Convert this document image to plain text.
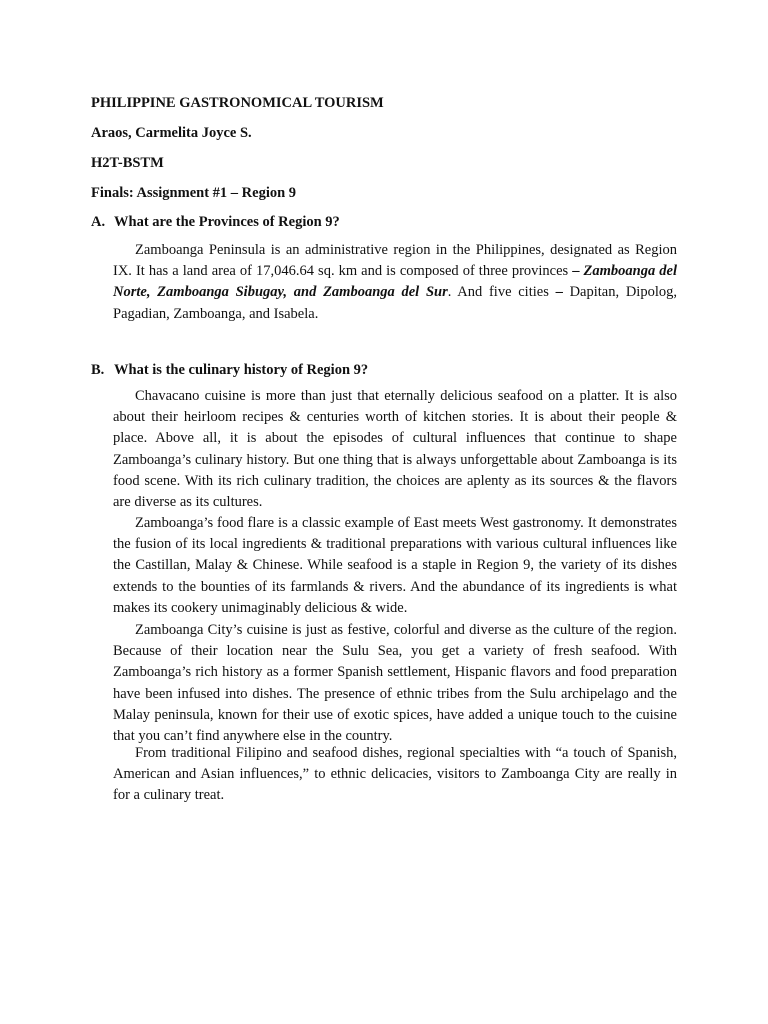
PHILIPPINE GASTRONOMICAL TOURISM
Araos, Carmelita Joyce S.
H2T-BSTM
Finals: Assignment #1 – Region 9
A. What are the Provinces of Region 9?

Zamboanga Peninsula is an administrative region in the Philippines, designated as Region IX. It has a land area of 17,046.64 sq. km and is composed of three provinces – Zamboanga del Norte, Zamboanga Sibugay, and Zamboanga del Sur. And five cities – Dapitan, Dipolog, Pagadian, Zamboanga, and Isabela.

B. What is the culinary history of Region 9?

Chavacano cuisine is more than just that eternally delicious seafood on a platter. It is also about their heirloom recipes & centuries worth of kitchen stories. It is about their people & place. Above all, it is about the episodes of cultural influences that continue to shape Zamboanga’s culinary history. But one thing that is always unforgettable about Zamboanga is its food scene. With its rich culinary tradition, the choices are aplenty as its sources & the flavors are diverse as its cultures.

Zamboanga’s food flare is a classic example of East meets West gastronomy. It demonstrates the fusion of its local ingredients & traditional preparations with various cultural influences like the Castillan, Malay & Chinese. While seafood is a staple in Region 9, the variety of its dishes extends to the bounties of its farmlands & rivers. And the abundance of its ingredients is what makes its cookery unimaginably delicious & wide.

Zamboanga City’s cuisine is just as festive, colorful and diverse as the culture of the region. Because of their location near the Sulu Sea, you get a variety of fresh seafood. With Zamboanga’s rich history as a former Spanish settlement, Hispanic flavors and food preparation have been infused into dishes. The presence of ethnic tribes from the Sulu archipelago and the Malay peninsula, known for their use of exotic spices, have added a unique touch to the cuisine that you can’t find anywhere else in the country.

From traditional Filipino and seafood dishes, regional specialties with “a touch of Spanish, American and Asian influences,” to ethnic delicacies, visitors to Zamboanga City are really in for a culinary treat.
